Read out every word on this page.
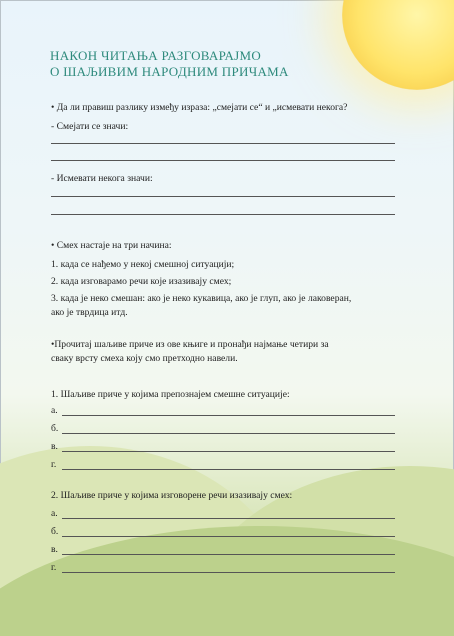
НАКОН ЧИТАЊА РАЗГОВАРАЈМО
О ШАЉИВИМ НАРОДНИМ ПРИЧАМА
• Да ли правиш разлику између израза: „смејати се“ и „исмевати некога?
- Смејати се значи:
- Исмевати некога значи:
• Смех настаје на три начина:
1. када се нађемо у некој смешној ситуацији;
2. када изговарамо речи које изазивају смех;
3. када је неко смешан: ако је неко кукавица, ако је глуп, ако је лаковеран,
ако је тврдица итд.
•Прочитај шаљиве приче из ове књиге и пронађи најмање четири за
сваку врсту смеха коју смо претходно навели.
1. Шаљиве приче у којима препознајем смешне ситуације:
а.
б.
в.
г.
2. Шаљиве приче у којима изговорене речи изазивају смех:
а.
б.
в.
г.
